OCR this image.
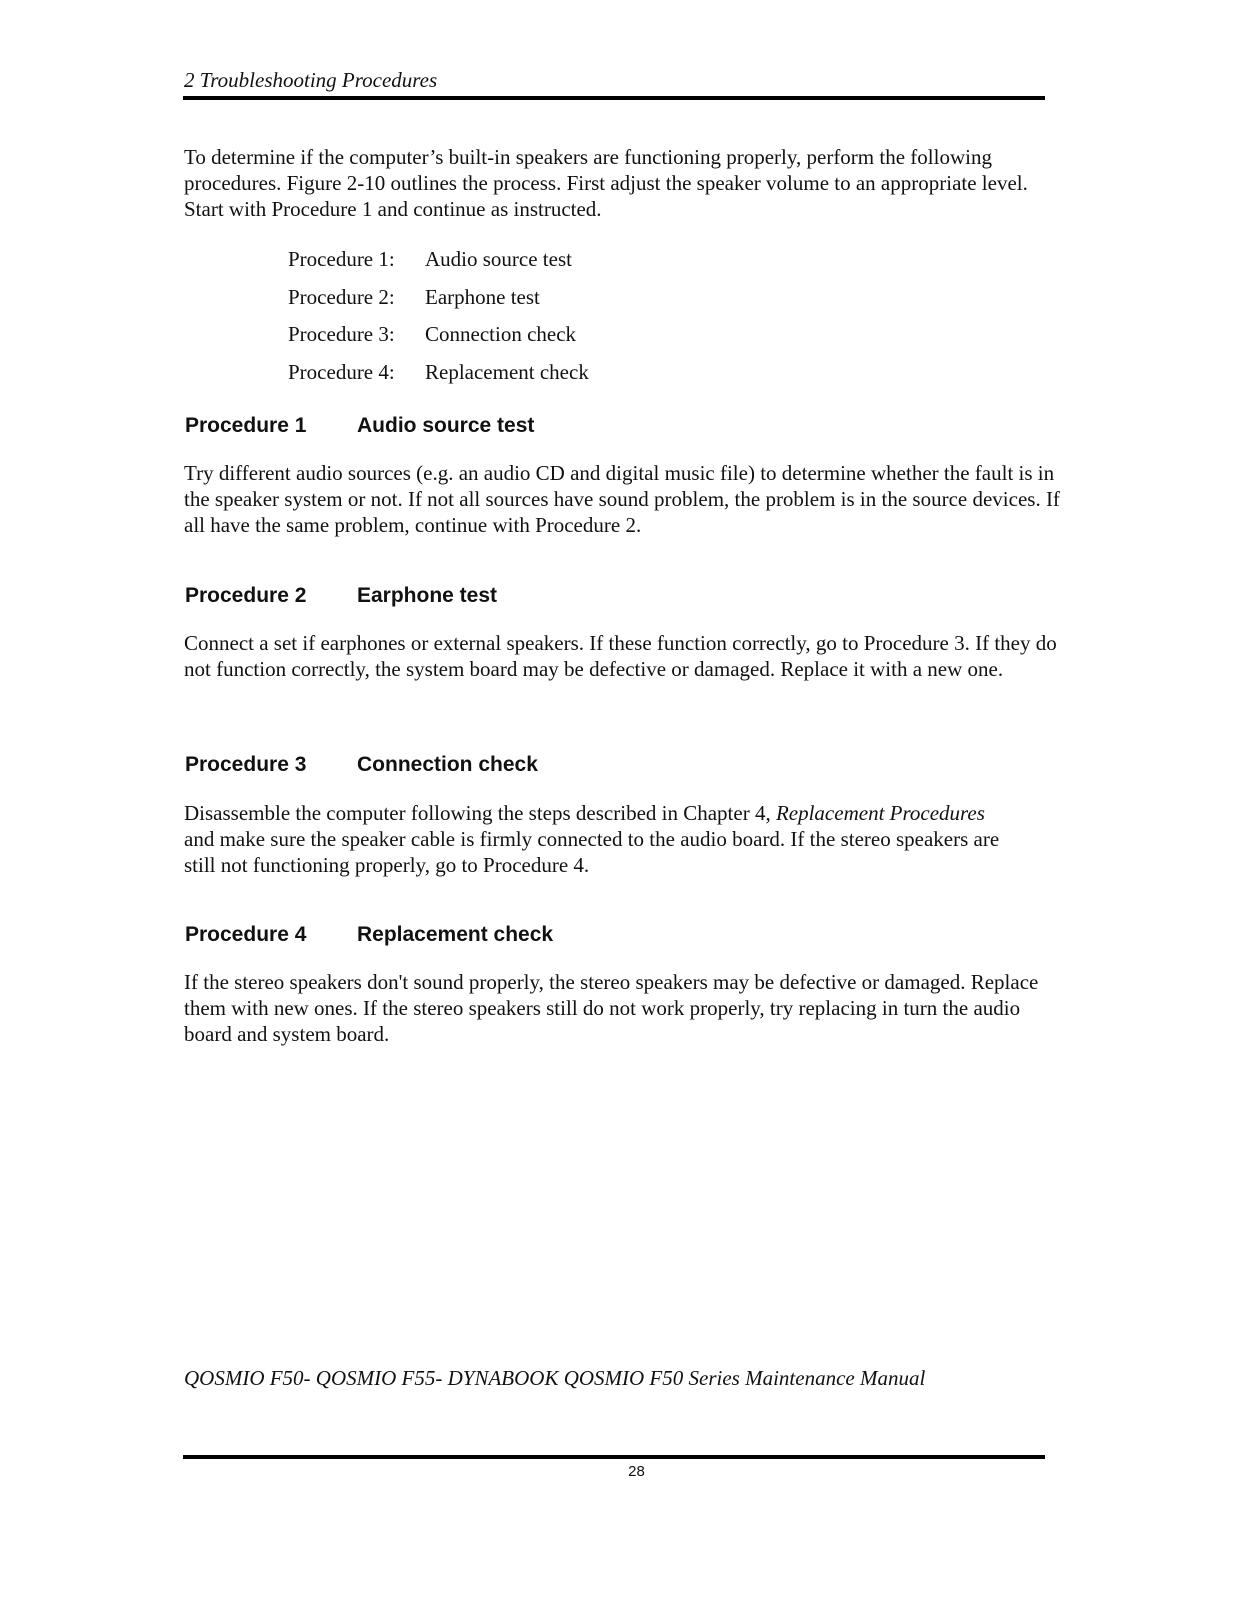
2 Troubleshooting Procedures

To determine if the computer’s built-in speakers are functioning properly, perform the following procedures. Figure 2-10 outlines the process. First adjust the speaker volume to an appropriate level. Start with Procedure 1 and continue as instructed.

Procedure 1: Audio source test
Procedure 2: Earphone test
Procedure 3: Connection check
Procedure 4: Replacement check
Procedure 1 Audio source test

Try different audio sources (e.g. an audio CD and digital music file) to determine whether the fault is in the speaker system or not. If not all sources have sound problem, the problem is in the source devices. If all have the same problem, continue with Procedure 2.

Procedure 2 Earphone test

Connect a set if earphones or external speakers. If these function correctly, go to Procedure 3. If they do not function correctly, the system board may be defective or damaged. Replace it with a new one.

Procedure 3 Connection check

Disassemble the computer following the steps described in Chapter 4, Replacement Procedures and make sure the speaker cable is firmly connected to the audio board. If the stereo speakers are still not functioning properly, go to Procedure 4.

Procedure 4 Replacement check

If the stereo speakers don't sound properly, the stereo speakers may be defective or damaged. Replace them with new ones. If the stereo speakers still do not work properly, try replacing in turn the audio board and system board.

QOSMIO F50- QOSMIO F55- DYNABOOK QOSMIO F50 Series Maintenance Manual
28
